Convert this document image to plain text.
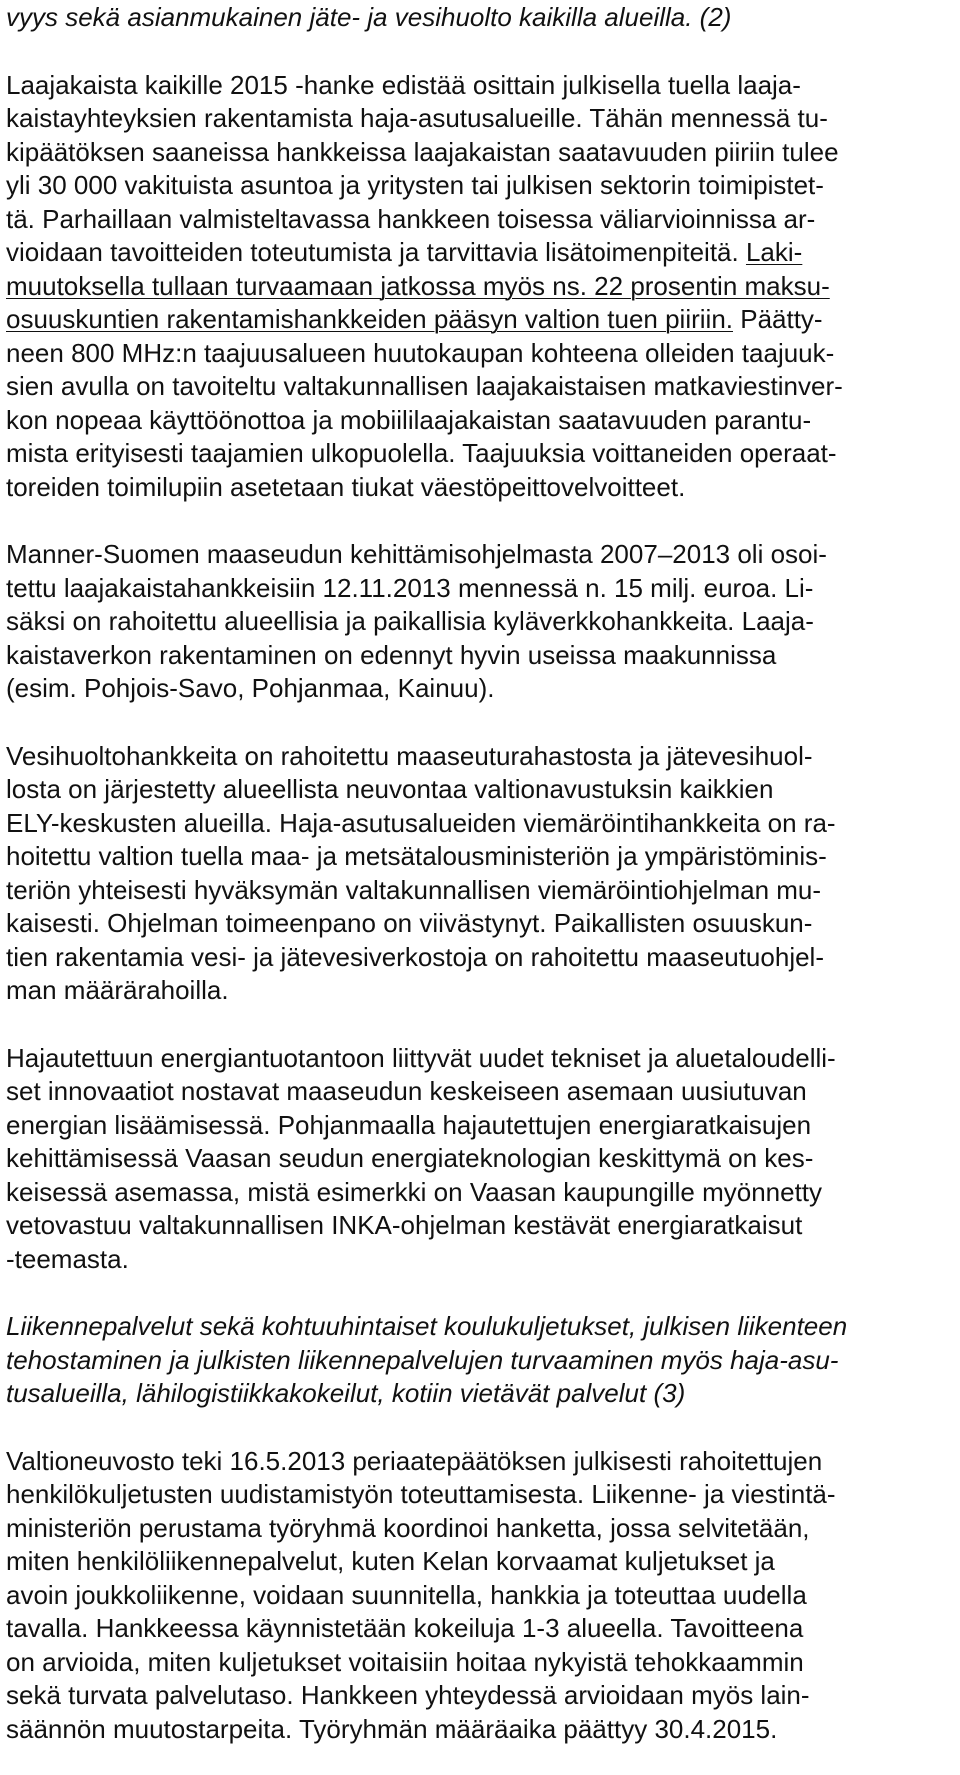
vyys sekä asianmukainen jäte- ja vesihuolto kaikilla alueilla. (2)
Laajakaista kaikille 2015 -hanke edistää osittain julkisella tuella laaja-
kaistayhteyksien rakentamista haja-asutusalueille. Tähän mennessä tu-
kipäätöksen saaneissa hankkeissa laajakaistan saatavuuden piiriin tulee
yli 30 000 vakituista asuntoa ja yritysten tai julkisen sektorin toimipistet-
tä. Parhaillaan valmisteltavassa hankkeen toisessa väliarvioinnissa ar-
vioidaan tavoitteiden toteutumista ja tarvittavia lisätoimenpiteitä. Laki-
muutoksella tullaan turvaamaan jatkossa myös ns. 22 prosentin maksu-
osuuskuntien rakentamishankkeiden pääsyn valtion tuen piiriin. Päätty-
neen 800 MHz:n taajuusalueen huutokaupan kohteena olleiden taajuuk-
sien avulla on tavoiteltu valtakunnallisen laajakaistaisen matkaviestinver-
kon nopeaa käyttöönottoa ja mobiililaajakaistan saatavuuden parantu-
mista erityisesti taajamien ulkopuolella. Taajuuksia voittaneiden operaat-
toreiden toimilupiin asetetaan tiukat väestöpeittovelvoitteet.
Manner-Suomen maaseudun kehittämisohjelmasta 2007–2013 oli osoi-
tettu laajakaistahankkeisiin 12.11.2013 mennessä n. 15 milj. euroa. Li-
säksi on rahoitettu alueellisia ja paikallisia kyläverkkohankkeita. Laaja-
kaistaverkon rakentaminen on edennyt hyvin useissa maakunnissa
(esim. Pohjois-Savo, Pohjanmaa, Kainuu).
Vesihuoltohankkeita on rahoitettu maaseuturahastosta ja jätevesihuol-
losta on järjestetty alueellista neuvontaa valtionavustuksin kaikkien
ELY-keskusten alueilla. Haja-asutusalueiden viemäröintihankkeita on ra-
hoitettu valtion tuella maa- ja metsätalousministeriön ja ympäristöminis-
teriön yhteisesti hyväksymän valtakunnallisen viemäröintiohjelman mu-
kaisesti. Ohjelman toimeenpano on viivästynyt. Paikallisten osuuskun-
tien rakentamia vesi- ja jätevesiverkostoja on rahoitettu maaseutuohjel-
man määrärahoilla.
Hajautettuun energiantuotantoon liittyvät uudet tekniset ja aluetaloudelli-
set innovaatiot nostavat maaseudun keskeiseen asemaan uusiutuvan
energian lisäämisessä. Pohjanmaalla hajautettujen energiaratkaisujen
kehittämisessä Vaasan seudun energiateknologian keskittymä on kes-
keisessä asemassa, mistä esimerkki on Vaasan kaupungille myönnetty
vetovastuu valtakunnallisen INKA-ohjelman kestävät energiaratkaisut
-teemasta.
Liikennepalvelut sekä kohtuuhintaiset koulukuljetukset, julkisen liikenteen
tehostaminen ja julkisten liikennepalvelujen turvaaminen myös haja-asu-
tusalueilla, lähilogistiikkakokeilut, kotiin vietävät palvelut (3)
Valtioneuvosto teki 16.5.2013 periaatepäätöksen julkisesti rahoitettujen
henkilökuljetusten uudistamistyön toteuttamisesta. Liikenne- ja viestintä-
ministeriön perustama työryhmä koordinoi hanketta, jossa selvitetään,
miten henkilöliikennepalvelut, kuten Kelan korvaamat kuljetukset ja
avoin joukkoliikenne, voidaan suunnitella, hankkia ja toteuttaa uudella
tavalla. Hankkeessa käynnistetään kokeiluja 1-3 alueella. Tavoitteena
on arvioida, miten kuljetukset voitaisiin hoitaa nykyistä tehokkaammin
sekä turvata palvelutaso. Hankkeen yhteydessä arvioidaan myös lain-
säännön muutostarpeita. Työryhmän määräaika päättyy 30.4.2015.
